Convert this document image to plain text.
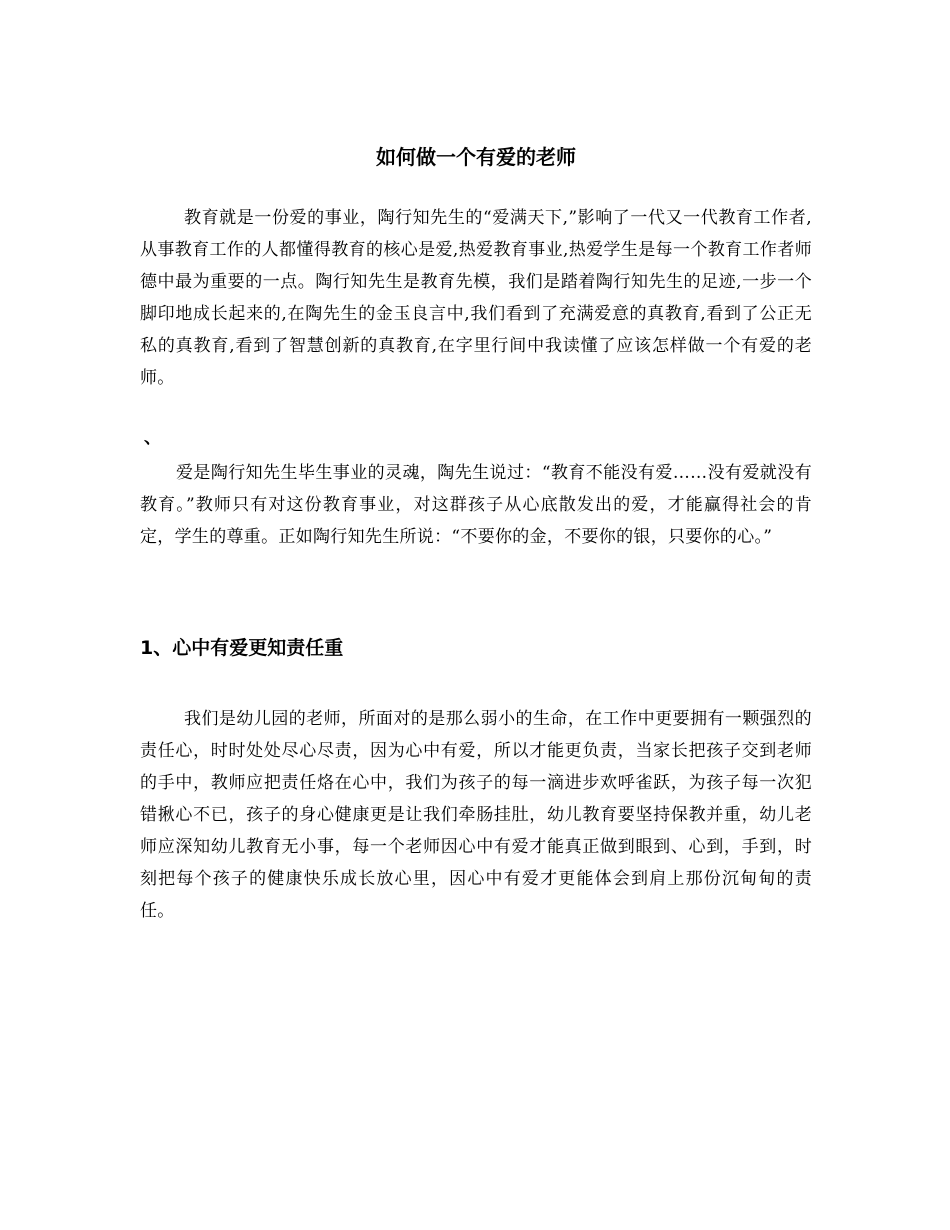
如何做一个有爱的老师

教育就是一份爱的事业，陶行知先生的“爱满天下,”影响了一代又一代教育工作者,从事教育工作的人都懂得教育的核心是爱,热爱教育事业,热爱学生是每一个教育工作者师德中最为重要的一点。陶行知先生是教育先模，我们是踏着陶行知先生的足迹,一步一个脚印地成长起来的,在陶先生的金玉良言中,我们看到了充满爱意的真教育,看到了公正无私的真教育,看到了智慧创新的真教育,在字里行间中我读懂了应该怎样做一个有爱的老师。

、

爱是陶行知先生毕生事业的灵魂，陶先生说过：“教育不能没有爱……没有爱就没有教育。”教师只有对这份教育事业，对这群孩子从心底散发出的爱，才能赢得社会的肯定，学生的尊重。正如陶行知先生所说：“不要你的金，不要你的银，只要你的心。”

1、心中有爱更知责任重

我们是幼儿园的老师，所面对的是那么弱小的生命，在工作中更要拥有一颗强烈的责任心，时时处处尽心尽责，因为心中有爱，所以才能更负责，当家长把孩子交到老师的手中，教师应把责任烙在心中，我们为孩子的每一滴进步欢呼雀跃，为孩子每一次犯错揪心不已，孩子的身心健康更是让我们牵肠挂肚，幼儿教育要坚持保教并重，幼儿老师应深知幼儿教育无小事，每一个老师因心中有爱才能真正做到眼到、心到，手到，时刻把每个孩子的健康快乐成长放心里，因心中有爱才更能体会到肩上那份沉甸甸的责任。
